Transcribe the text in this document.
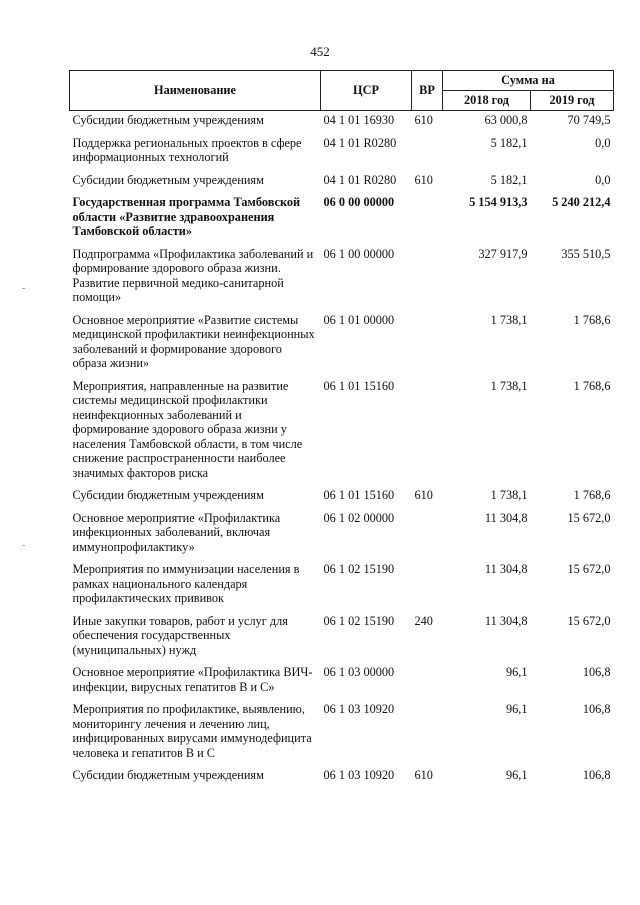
452
-
-
Наименование	ЦСР	ВР	Сумма на	
			2018 год	2019 год
Субсидии бюджетным учреждениям	04 1 01 16930	610	63 000,8	70 749,5
Поддержка региональных проектов в сфере информационных технологий	04 1 01 R0280		5 182,1	0,0
Субсидии бюджетным учреждениям	04 1 01 R0280	610	5 182,1	0,0
Государственная программа Тамбовской области «Развитие здравоохранения Тамбовской области»	06 0 00 00000		5 154 913,3	5 240 212,4
Подпрограмма «Профилактика заболеваний и формирование здорового образа жизни. Развитие первичной медико-санитарной помощи»	06 1 00 00000		327 917,9	355 510,5
Основное мероприятие «Развитие системы медицинской профилактики неинфекционных заболеваний и формирование здорового образа жизни»	06 1 01 00000		1 738,1	1 768,6
Мероприятия, направленные на развитие системы медицинской профилактики неинфекционных заболеваний и формирование здорового образа жизни у населения Тамбовской области, в том числе снижение распространенности наиболее значимых факторов риска	06 1 01 15160		1 738,1	1 768,6
Субсидии бюджетным учреждениям	06 1 01 15160	610	1 738,1	1 768,6
Основное мероприятие «Профилактика инфекционных заболеваний, включая иммунопрофилактику»	06 1 02 00000		11 304,8	15 672,0
Мероприятия по иммунизации населения в рамках национального календаря профилактических прививок	06 1 02 15190		11 304,8	15 672,0
Иные закупки товаров, работ и услуг для обеспечения государственных (муниципальных) нужд	06 1 02 15190	240	11 304,8	15 672,0
Основное мероприятие «Профилактика ВИЧ-инфекции, вирусных гепатитов В и С»	06 1 03 00000		96,1	106,8
Мероприятия по профилактике, выявлению, мониторингу лечения и лечению лиц, инфицированных вирусами иммунодефицита человека и гепатитов В и С	06 1 03 10920		96,1	106,8
Субсидии бюджетным учреждениям	06 1 03 10920	610	96,1	106,8
